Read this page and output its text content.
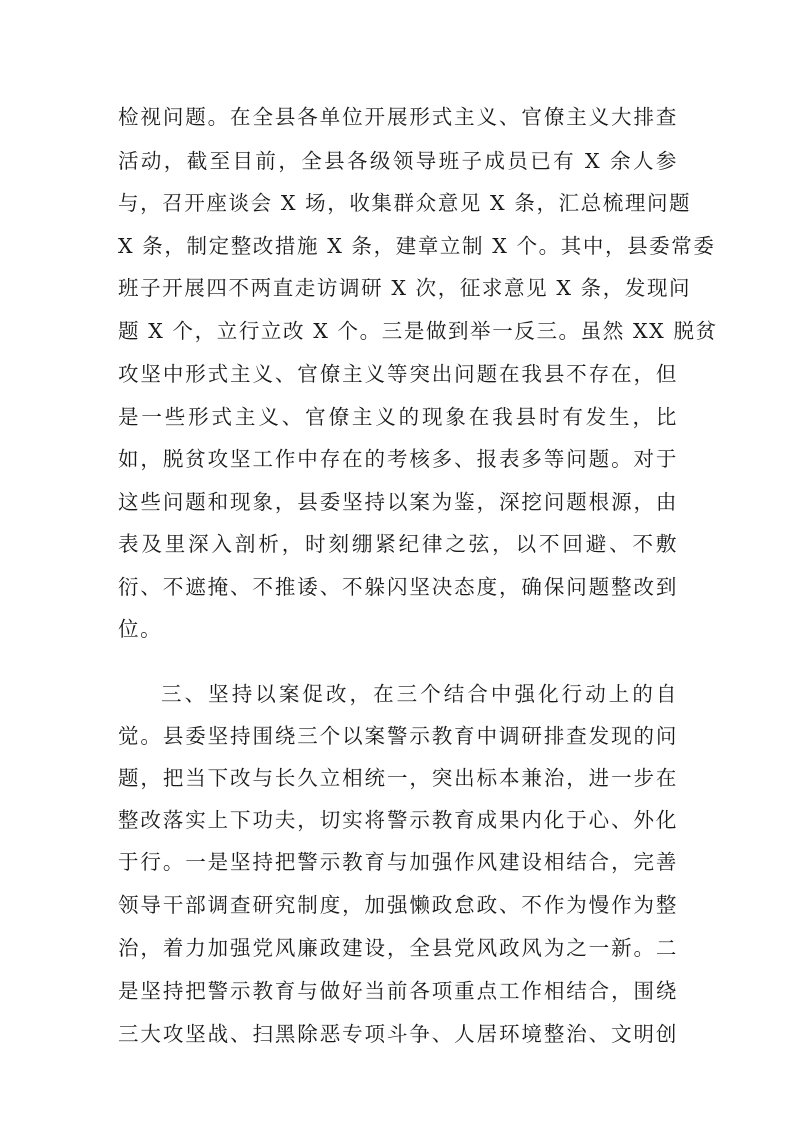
检视问题。在全县各单位开展形式主义、官僚主义大排查
活动，截至目前，全县各级领导班子成员已有 X 余人参
与，召开座谈会 X 场，收集群众意见 X 条，汇总梳理问题
X 条，制定整改措施 X 条，建章立制 X 个。其中，县委常委
班子开展四不两直走访调研 X 次，征求意见 X 条，发现问
题 X 个，立行立改 X 个。三是做到举一反三。虽然 XX 脱贫
攻坚中形式主义、官僚主义等突出问题在我县不存在，但
是一些形式主义、官僚主义的现象在我县时有发生，比
如，脱贫攻坚工作中存在的考核多、报表多等问题。对于
这些问题和现象，县委坚持以案为鉴，深挖问题根源，由
表及里深入剖析，时刻绷紧纪律之弦，以不回避、不敷
衍、不遮掩、不推诿、不躲闪坚决态度，确保问题整改到
位。
三、坚持以案促改，在三个结合中强化行动上的自
觉。县委坚持围绕三个以案警示教育中调研排查发现的问
题，把当下改与长久立相统一，突出标本兼治，进一步在
整改落实上下功夫，切实将警示教育成果内化于心、外化
于行。一是坚持把警示教育与加强作风建设相结合，完善
领导干部调查研究制度，加强懒政怠政、不作为慢作为整
治，着力加强党风廉政建设，全县党风政风为之一新。二
是坚持把警示教育与做好当前各项重点工作相结合，围绕
三大攻坚战、扫黑除恶专项斗争、人居环境整治、文明创
